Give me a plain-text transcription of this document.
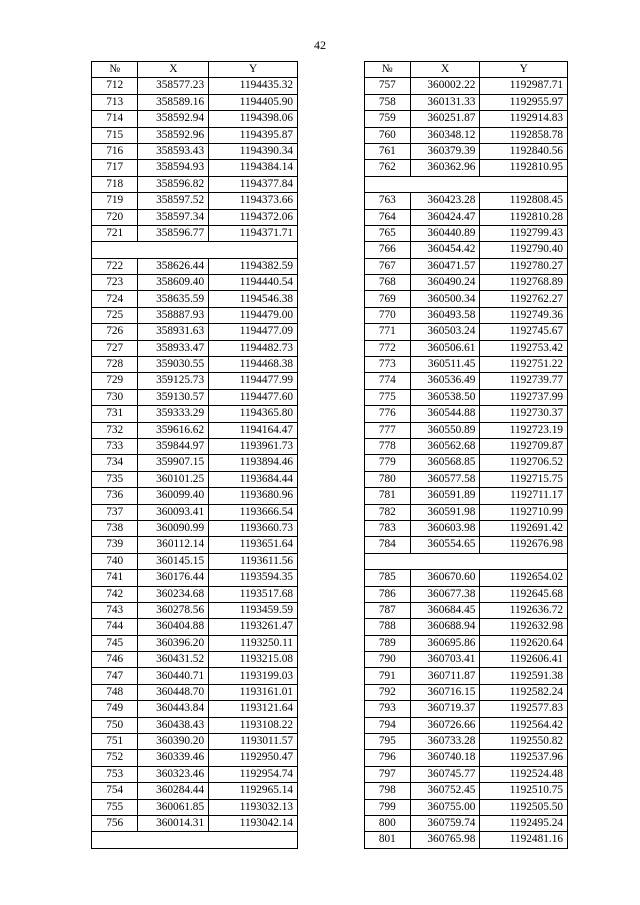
42
№	X	Y
712	358577.23	1194435.32
713	358589.16	1194405.90
714	358592.94	1194398.06
715	358592.96	1194395.87
716	358593.43	1194390.34
717	358594.93	1194384.14
718	358596.82	1194377.84
719	358597.52	1194373.66
720	358597.34	1194372.06
721	358596.77	1194371.71

722	358626.44	1194382.59
723	358609.40	1194440.54
724	358635.59	1194546.38
725	358887.93	1194479.00
726	358931.63	1194477.09
727	358933.47	1194482.73
728	359030.55	1194468.38
729	359125.73	1194477.99
730	359130.57	1194477.60
731	359333.29	1194365.80
732	359616.62	1194164.47
733	359844.97	1193961.73
734	359907.15	1193894.46
735	360101.25	1193684.44
736	360099.40	1193680.96
737	360093.41	1193666.54
738	360090.99	1193660.73
739	360112.14	1193651.64
740	360145.15	1193611.56
741	360176.44	1193594.35
742	360234.68	1193517.68
743	360278.56	1193459.59
744	360404.88	1193261.47
745	360396.20	1193250.11
746	360431.52	1193215.08
747	360440.71	1193199.03
748	360448.70	1193161.01
749	360443.84	1193121.64
750	360438.43	1193108.22
751	360390.20	1193011.57
752	360339.46	1192950.47
753	360323.46	1192954.74
754	360284.44	1192965.14
755	360061.85	1193032.13
756	360014.31	1193042.14

№	X	Y
757	360002.22	1192987.71
758	360131.33	1192955.97
759	360251.87	1192914.83
760	360348.12	1192858.78
761	360379.39	1192840.56
762	360362.96	1192810.95

763	360423.28	1192808.45
764	360424.47	1192810.28
765	360440.89	1192799.43
766	360454.42	1192790.40
767	360471.57	1192780.27
768	360490.24	1192768.89
769	360500.34	1192762.27
770	360493.58	1192749.36
771	360503.24	1192745.67
772	360506.61	1192753.42
773	360511.45	1192751.22
774	360536.49	1192739.77
775	360538.50	1192737.99
776	360544.88	1192730.37
777	360550.89	1192723.19
778	360562.68	1192709.87
779	360568.85	1192706.52
780	360577.58	1192715.75
781	360591.89	1192711.17
782	360591.98	1192710.99
783	360603.98	1192691.42
784	360554.65	1192676.98

785	360670.60	1192654.02
786	360677.38	1192645.68
787	360684.45	1192636.72
788	360688.94	1192632.98
789	360695.86	1192620.64
790	360703.41	1192606.41
791	360711.87	1192591.38
792	360716.15	1192582.24
793	360719.37	1192577.83
794	360726.66	1192564.42
795	360733.28	1192550.82
796	360740.18	1192537.96
797	360745.77	1192524.48
798	360752.45	1192510.75
799	360755.00	1192505.50
800	360759.74	1192495.24
801	360765.98	1192481.16
